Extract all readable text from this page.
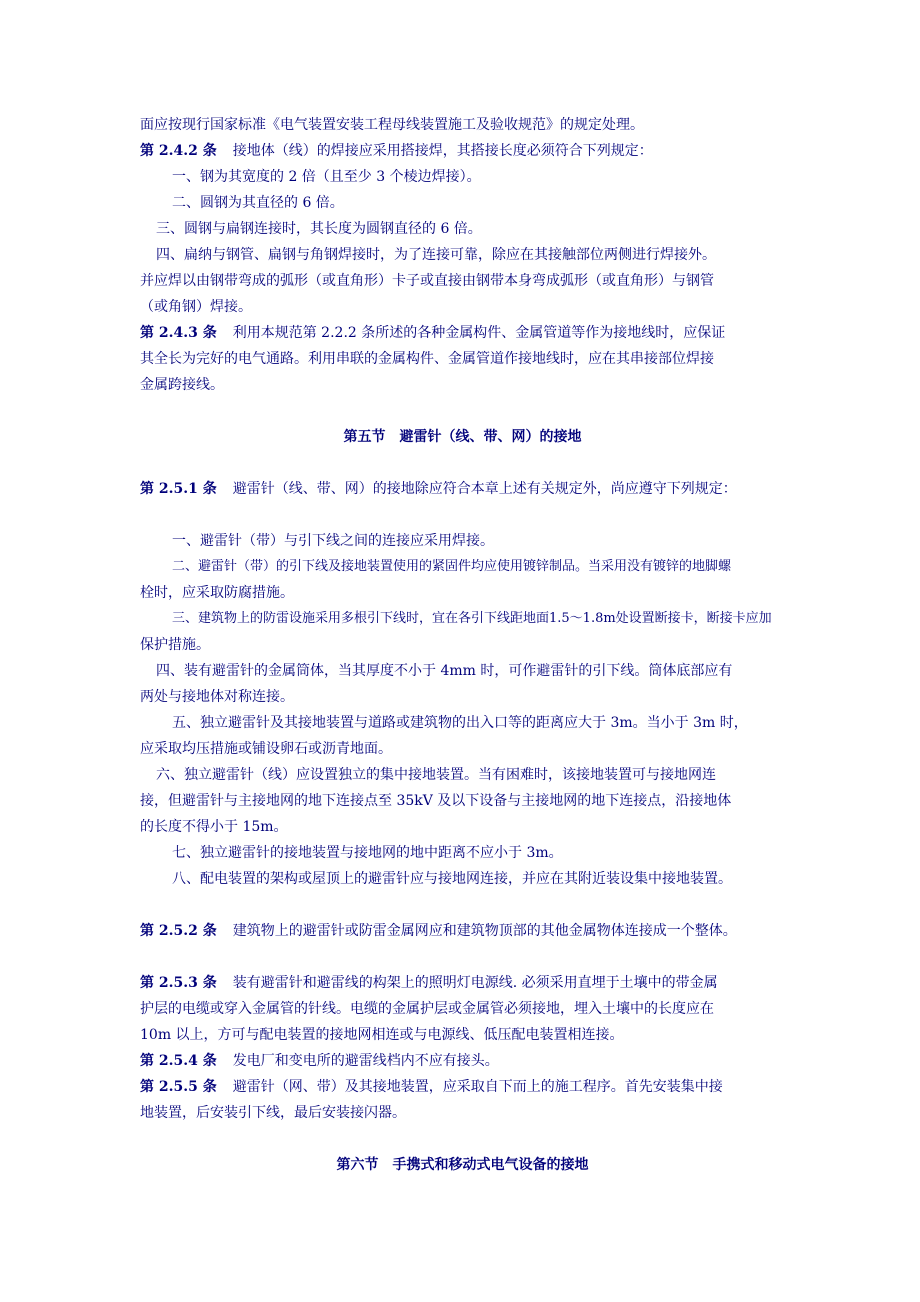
面应按现行国家标准《电气装置安装工程母线装置施工及验收规范》的规定处理。
第 2.4.2 条 接地体（线）的焊接应采用搭接焊，其搭接长度必须符合下列规定：
一、钢为其宽度的 2 倍（且至少 3 个棱边焊接）。
二、圆钢为其直径的 6 倍。
三、圆钢与扁钢连接时，其长度为圆钢直径的 6 倍。
四、扁纳与钢管、扁钢与角钢焊接时，为了连接可靠，除应在其接触部位两侧进行焊接外。
并应焊以由钢带弯成的弧形（或直角形）卡子或直接由钢带本身弯成弧形（或直角形）与钢管
（或角钢）焊接。
第 2.4.3 条 利用本规范第 2.2.2 条所述的各种金属构件、金属管道等作为接地线时，应保证
其全长为完好的电气通路。利用串联的金属构件、金属管道作接地线时，应在其串接部位焊接
金属跨接线。
第五节　避雷针（线、带、网）的接地
第 2.5.1 条 避雷针（线、带、网）的接地除应符合本章上述有关规定外，尚应遵守下列规定：
一、避雷针（带）与引下线之间的连接应采用焊接。
二、避雷针（带）的引下线及接地装置使用的紧固件均应使用镀锌制品。当采用没有镀锌的地脚螺
栓时，应采取防腐措施。
三、建筑物上的防雷设施采用多根引下线时，宜在各引下线距地面1.5～1.8m处设置断接卡，断接卡应加
保护措施。
四、装有避雷针的金属筒体，当其厚度不小于 4mm 时，可作避雷针的引下线。筒体底部应有
两处与接地体对称连接。
五、独立避雷针及其接地装置与道路或建筑物的出入口等的距离应大于 3m。当小于 3m 时，
应采取均压措施或铺设卵石或沥青地面。
六、独立避雷针（线）应设置独立的集中接地装置。当有困难时，该接地装置可与接地网连
接，但避雷针与主接地网的地下连接点至 35kV 及以下设备与主接地网的地下连接点，沿接地体
的长度不得小于 15m。
七、独立避雷针的接地装置与接地网的地中距离不应小于 3m。
八、配电装置的架构或屋顶上的避雷针应与接地网连接，并应在其附近装设集中接地装置。
第 2.5.2 条 建筑物上的避雷针或防雷金属网应和建筑物顶部的其他金属物体连接成一个整体。
第 2.5.3 条 装有避雷针和避雷线的构架上的照明灯电源线. 必须采用直埋于土壤中的带金属
护层的电缆或穿入金属管的针线。电缆的金属护层或金属管必须接地，埋入土壤中的长度应在
10m 以上，方可与配电装置的接地网相连或与电源线、低压配电装置相连接。
第 2.5.4 条 发电厂和变电所的避雷线档内不应有接头。
第 2.5.5 条 避雷针（网、带）及其接地装置，应采取自下而上的施工程序。首先安装集中接
地装置，后安装引下线，最后安装接闪器。
第六节　手携式和移动式电气设备的接地
